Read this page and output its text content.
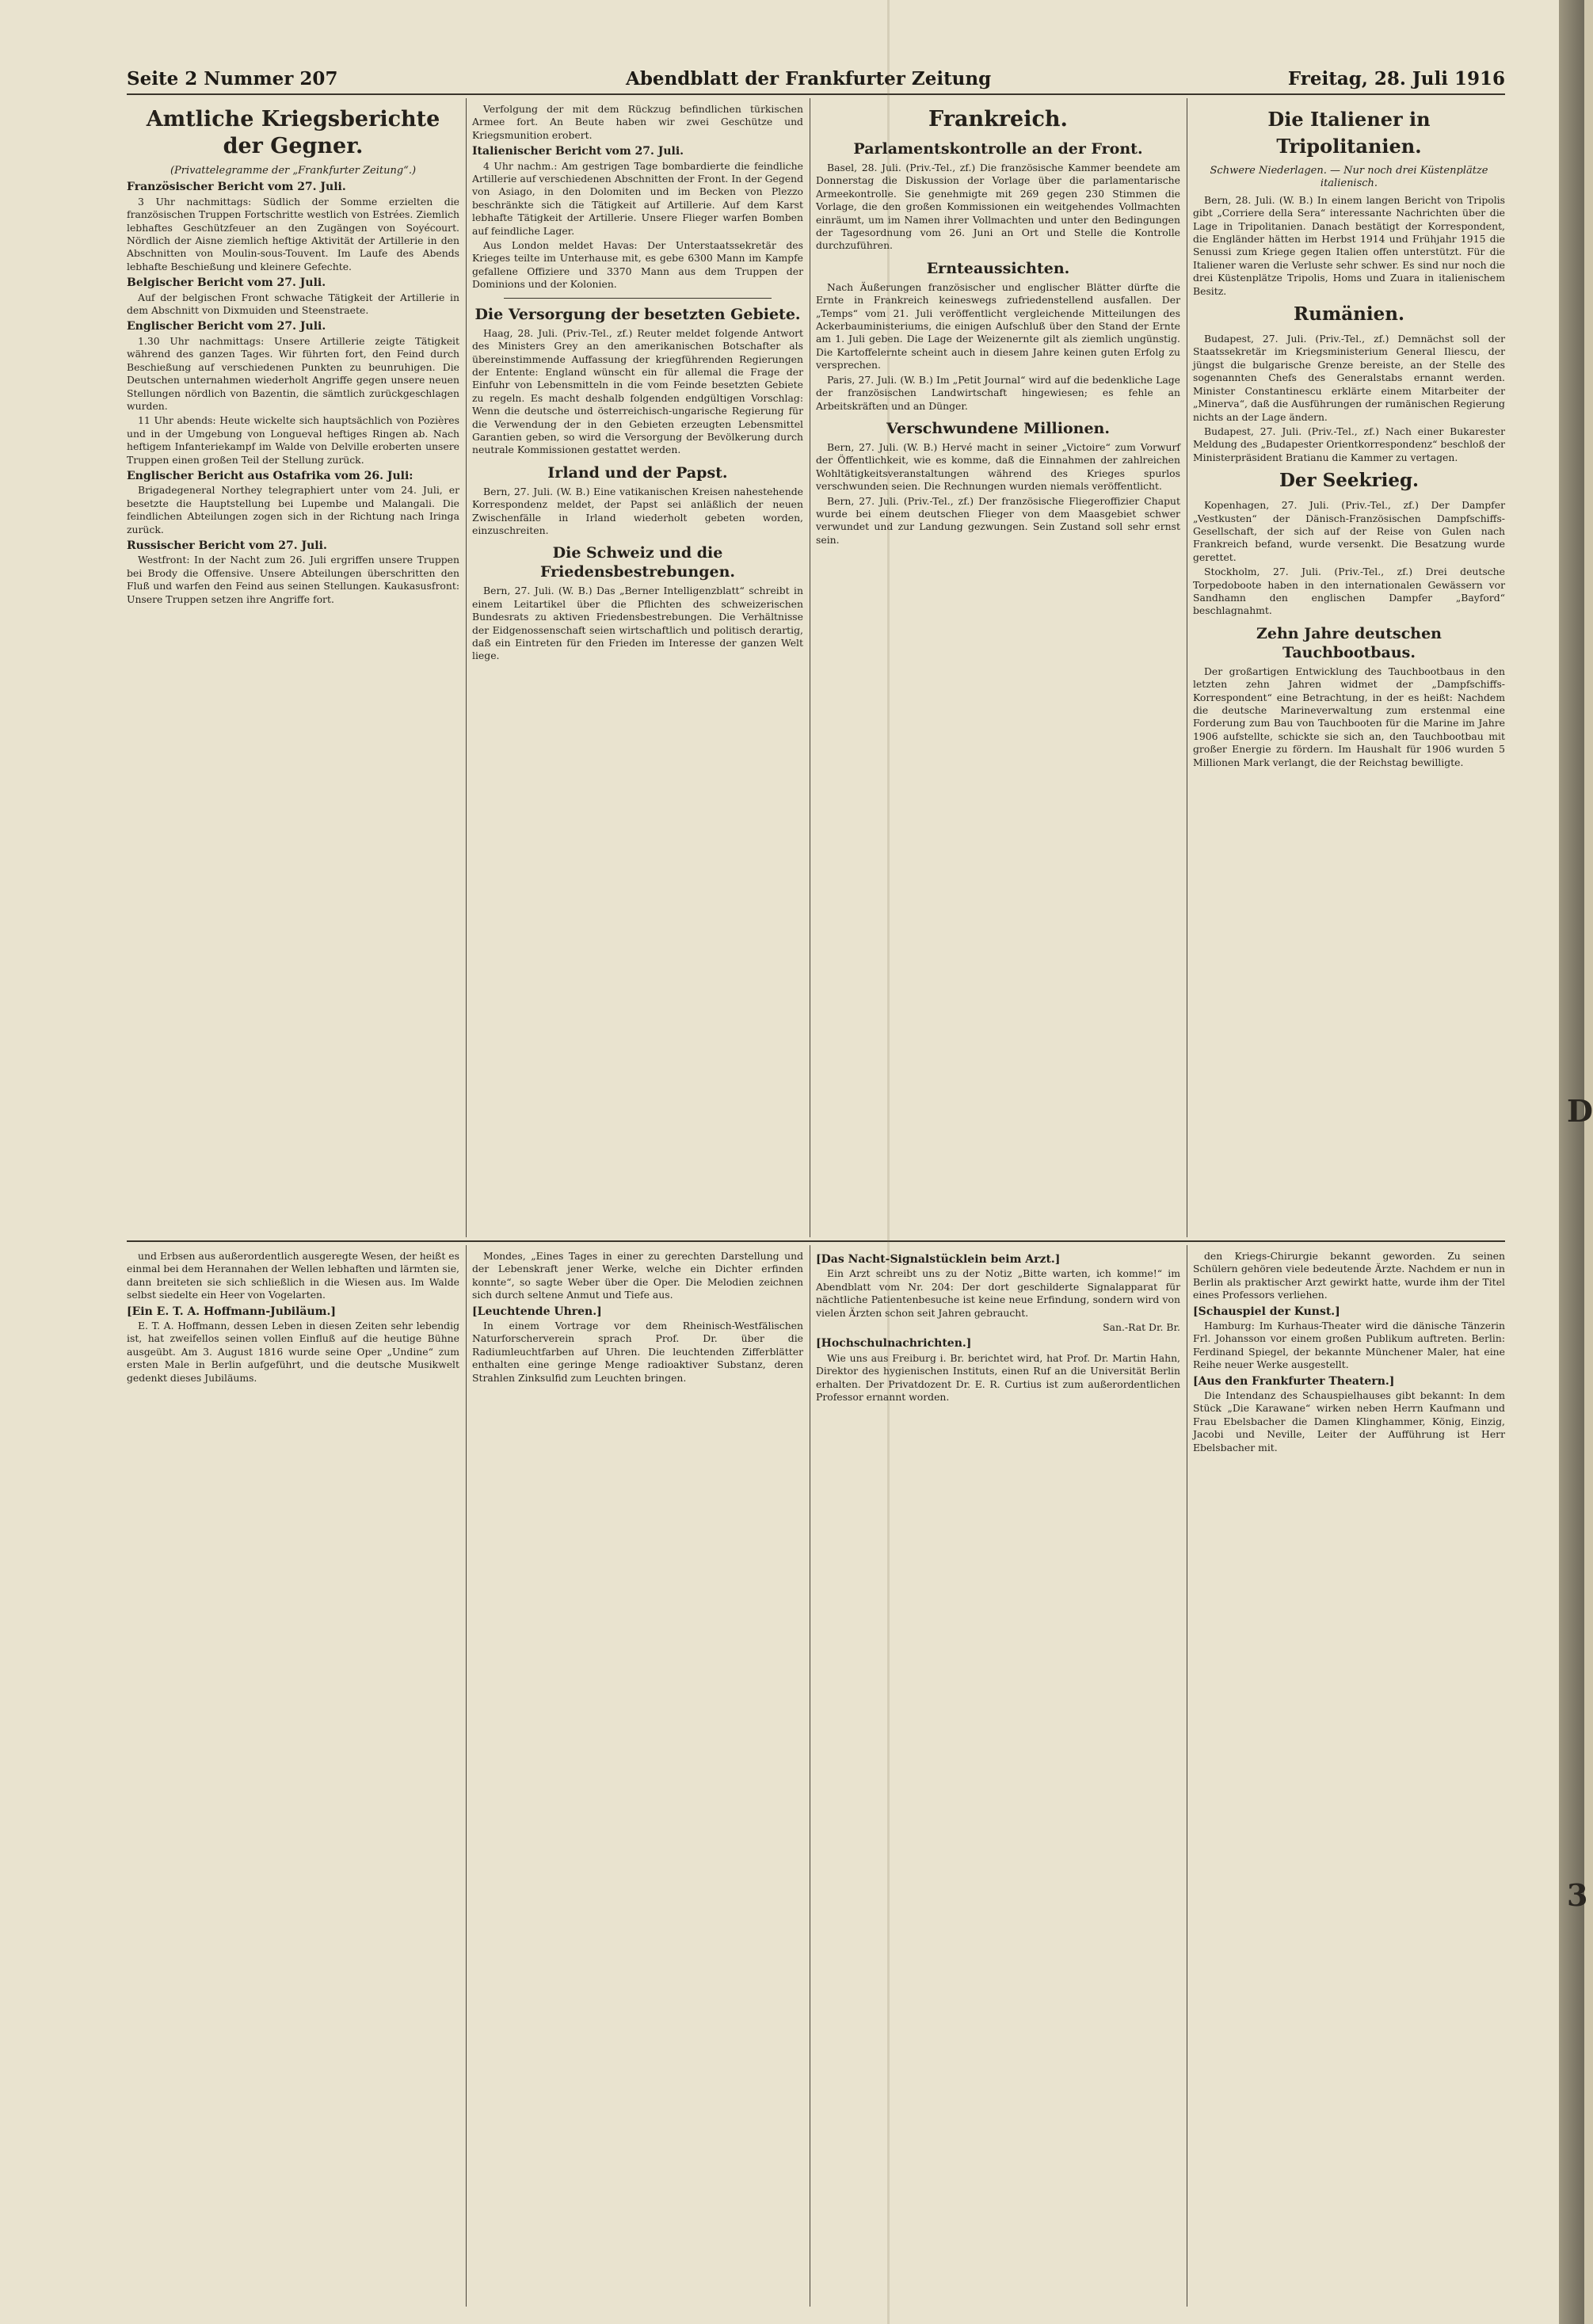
D
3
Seite 2 Nummer 207	Abendblatt der Frankfurter Zeitung	Freitag, 28. Juli 1916
Amtliche Kriegsberichte der Gegner.
(Privattelegramme der „Frankfurter Zeitung“.)
Französischer Bericht vom 27. Juli.

3 Uhr nachmittags: Südlich der Somme erzielten die französischen Truppen Fortschritte westlich von Estrées. Ziemlich lebhaftes Geschützfeuer an den Zugängen von Soyécourt. Nördlich der Aisne ziemlich heftige Aktivität der Artillerie in den Abschnitten von Moulin-sous-Touvent. Im Laufe des Abends lebhafte Beschießung und kleinere Gefechte.

Belgischer Bericht vom 27. Juli.

Auf der belgischen Front schwache Tätigkeit der Artillerie in dem Abschnitt von Dixmuiden und Steenstraete.

Englischer Bericht vom 27. Juli.

1.30 Uhr nachmittags: Unsere Artillerie zeigte Tätigkeit während des ganzen Tages. Wir führten fort, den Feind durch Beschießung auf verschiedenen Punkten zu beunruhigen. Die Deutschen unternahmen wiederholt Angriffe gegen unsere neuen Stellungen nördlich von Bazentin, die sämtlich zurückgeschlagen wurden.

11 Uhr abends: Heute wickelte sich hauptsächlich von Pozières und in der Umgebung von Longueval heftiges Ringen ab. Nach heftigem Infanteriekampf im Walde von Delville eroberten unsere Truppen einen großen Teil der Stellung zurück.

Englischer Bericht aus Ostafrika vom 26. Juli:

Brigadegeneral Northey telegraphiert unter vom 24. Juli, er besetzte die Hauptstellung bei Lupembe und Malangali. Die feindlichen Abteilungen zogen sich in der Richtung nach Iringa zurück.

Russischer Bericht vom 27. Juli.

Westfront: In der Nacht zum 26. Juli ergriffen unsere Truppen bei Brody die Offensive. Unsere Abteilungen überschritten den Fluß und warfen den Feind aus seinen Stellungen. Kaukasusfront: Unsere Truppen setzen ihre Angriffe fort.

Verfolgung der mit dem Rückzug befindlichen türkischen Armee fort. An Beute haben wir zwei Geschütze und Kriegsmunition erobert.

Italienischer Bericht vom 27. Juli.

4 Uhr nachm.: Am gestrigen Tage bombardierte die feindliche Artillerie auf verschiedenen Abschnitten der Front. In der Gegend von Asiago, in den Dolomiten und im Becken von Plezzo beschränkte sich die Tätigkeit auf Artillerie. Auf dem Karst lebhafte Tätigkeit der Artillerie. Unsere Flieger warfen Bomben auf feindliche Lager.

Aus London meldet Havas: Der Unterstaatssekretär des Krieges teilte im Unterhause mit, es gebe 6300 Mann im Kampfe gefallene Offiziere und 3370 Mann aus dem Truppen der Dominions und der Kolonien.

Die Versorgung der besetzten Gebiete.

Haag, 28. Juli. (Priv.-Tel., zf.) Reuter meldet folgende Antwort des Ministers Grey an den amerikanischen Botschafter als übereinstimmende Auffassung der kriegführenden Regierungen der Entente: England wünscht ein für allemal die Frage der Einfuhr von Lebensmitteln in die vom Feinde besetzten Gebiete zu regeln. Es macht deshalb folgenden endgültigen Vorschlag: Wenn die deutsche und österreichisch-ungarische Regierung für die Verwendung der in den Gebieten erzeugten Lebensmittel Garantien geben, so wird die Versorgung der Bevölkerung durch neutrale Kommissionen gestattet werden.

Irland und der Papst.

Bern, 27. Juli. (W. B.) Eine vatikanischen Kreisen nahestehende Korrespondenz meldet, der Papst sei anläßlich der neuen Zwischenfälle in Irland wiederholt gebeten worden, einzuschreiten.

Die Schweiz und die Friedensbestrebungen.

Bern, 27. Juli. (W. B.) Das „Berner Intelligenzblatt“ schreibt in einem Leitartikel über die Pflichten des schweizerischen Bundesrats zu aktiven Friedensbestrebungen. Die Verhältnisse der Eidgenossenschaft seien wirtschaftlich und politisch derartig, daß ein Eintreten für den Frieden im Interesse der ganzen Welt liege.

Frankreich.
Parlamentskontrolle an der Front.

Basel, 28. Juli. (Priv.-Tel., zf.) Die französische Kammer beendete am Donnerstag die Diskussion der Vorlage über die parlamentarische Armeekontrolle. Sie genehmigte mit 269 gegen 230 Stimmen die Vorlage, die den großen Kommissionen ein weitgehendes Vollmachten einräumt, um im Namen ihrer Vollmachten und unter den Bedingungen der Tagesordnung vom 26. Juni an Ort und Stelle die Kontrolle durchzuführen.

Ernteaussichten.

Nach Äußerungen französischer und englischer Blätter dürfte die Ernte in Frankreich keineswegs zufriedenstellend ausfallen. Der „Temps“ vom 21. Juli veröffentlicht vergleichende Mitteilungen des Ackerbauministeriums, die einigen Aufschluß über den Stand der Ernte am 1. Juli geben. Die Lage der Weizenernte gilt als ziemlich ungünstig. Die Kartoffelernte scheint auch in diesem Jahre keinen guten Erfolg zu versprechen.

Paris, 27. Juli. (W. B.) Im „Petit Journal“ wird auf die bedenkliche Lage der französischen Landwirtschaft hingewiesen; es fehle an Arbeitskräften und an Dünger.

Verschwundene Millionen.

Bern, 27. Juli. (W. B.) Hervé macht in seiner „Victoire“ zum Vorwurf der Öffentlichkeit, wie es komme, daß die Einnahmen der zahlreichen Wohltätigkeitsveranstaltungen während des Krieges spurlos verschwunden seien. Die Rechnungen wurden niemals veröffentlicht.

Bern, 27. Juli. (Priv.-Tel., zf.) Der französische Fliegeroffizier Chaput wurde bei einem deutschen Flieger von dem Maasgebiet schwer verwundet und zur Landung gezwungen. Sein Zustand soll sehr ernst sein.

Die Italiener in Tripolitanien.
Schwere Niederlagen. — Nur noch drei Küstenplätze italienisch.

Bern, 28. Juli. (W. B.) In einem langen Bericht von Tripolis gibt „Corriere della Sera“ interessante Nachrichten über die Lage in Tripolitanien. Danach bestätigt der Korrespondent, die Engländer hätten im Herbst 1914 und Frühjahr 1915 die Senussi zum Kriege gegen Italien offen unterstützt. Für die Italiener waren die Verluste sehr schwer. Es sind nur noch die drei Küstenplätze Tripolis, Homs und Zuara in italienischem Besitz.

Rumänien.

Budapest, 27. Juli. (Priv.-Tel., zf.) Demnächst soll der Staatssekretär im Kriegsministerium General Iliescu, der jüngst die bulgarische Grenze bereiste, an der Stelle des sogenannten Chefs des Generalstabs ernannt werden. Minister Constantinescu erklärte einem Mitarbeiter der „Minerva“, daß die Ausführungen der rumänischen Regierung nichts an der Lage ändern.

Budapest, 27. Juli. (Priv.-Tel., zf.) Nach einer Bukarester Meldung des „Budapester Orientkorrespondenz“ beschloß der Ministerpräsident Bratianu die Kammer zu vertagen.

Der Seekrieg.

Kopenhagen, 27. Juli. (Priv.-Tel., zf.) Der Dampfer „Vestkusten“ der Dänisch-Französischen Dampfschiffs-Gesellschaft, der sich auf der Reise von Gulen nach Frankreich befand, wurde versenkt. Die Besatzung wurde gerettet.

Stockholm, 27. Juli. (Priv.-Tel., zf.) Drei deutsche Torpedoboote haben in den internationalen Gewässern vor Sandhamn den englischen Dampfer „Bayford“ beschlagnahmt.

Zehn Jahre deutschen Tauchbootbaus.

Der großartigen Entwicklung des Tauchbootbaus in den letzten zehn Jahren widmet der „Dampfschiffs-Korrespondent“ eine Betrachtung, in der es heißt: Nachdem die deutsche Marineverwaltung zum erstenmal eine Forderung zum Bau von Tauchbooten für die Marine im Jahre 1906 aufstellte, schickte sie sich an, den Tauchbootbau mit großer Energie zu fördern. Im Haushalt für 1906 wurden 5 Millionen Mark verlangt, die der Reichstag bewilligte.

und Erbsen aus außerordentlich ausgeregte Wesen, der heißt es einmal bei dem Herannahen der Wellen lebhaften und lärmten sie, dann breiteten sie sich schließlich in die Wiesen aus. Im Walde selbst siedelte ein Heer von Vogelarten.

[Ein E. T. A. Hoffmann-Jubiläum.]

E. T. A. Hoffmann, dessen Leben in diesen Zeiten sehr lebendig ist, hat zweifellos seinen vollen Einfluß auf die heutige Bühne ausgeübt. Am 3. August 1816 wurde seine Oper „Undine“ zum ersten Male in Berlin aufgeführt, und die deutsche Musikwelt gedenkt dieses Jubiläums.

Mondes, „Eines Tages in einer zu gerechten Darstellung und der Lebenskraft jener Werke, welche ein Dichter erfinden konnte“, so sagte Weber über die Oper. Die Melodien zeichnen sich durch seltene Anmut und Tiefe aus.

[Leuchtende Uhren.]

In einem Vortrage vor dem Rheinisch-Westfälischen Naturforscherverein sprach Prof. Dr. über die Radiumleuchtfarben auf Uhren. Die leuchtenden Zifferblätter enthalten eine geringe Menge radioaktiver Substanz, deren Strahlen Zinksulfid zum Leuchten bringen.

[Das Nacht-Signalstücklein beim Arzt.]

Ein Arzt schreibt uns zu der Notiz „Bitte warten, ich komme!“ im Abendblatt vom Nr. 204: Der dort geschilderte Signalapparat für nächtliche Patientenbesuche ist keine neue Erfindung, sondern wird von vielen Ärzten schon seit Jahren gebraucht.

San.-Rat Dr. Br.
[Hochschulnachrichten.]

Wie uns aus Freiburg i. Br. berichtet wird, hat Prof. Dr. Martin Hahn, Direktor des hygienischen Instituts, einen Ruf an die Universität Berlin erhalten. Der Privatdozent Dr. E. R. Curtius ist zum außerordentlichen Professor ernannt worden.

den Kriegs-Chirurgie bekannt geworden. Zu seinen Schülern gehören viele bedeutende Ärzte. Nachdem er nun in Berlin als praktischer Arzt gewirkt hatte, wurde ihm der Titel eines Professors verliehen.

[Schauspiel der Kunst.]

Hamburg: Im Kurhaus-Theater wird die dänische Tänzerin Frl. Johansson vor einem großen Publikum auftreten. Berlin: Ferdinand Spiegel, der bekannte Münchener Maler, hat eine Reihe neuer Werke ausgestellt.

[Aus den Frankfurter Theatern.]

Die Intendanz des Schauspielhauses gibt bekannt: In dem Stück „Die Karawane“ wirken neben Herrn Kaufmann und Frau Ebelsbacher die Damen Klinghammer, König, Einzig, Jacobi und Neville, Leiter der Aufführung ist Herr Ebelsbacher mit.
